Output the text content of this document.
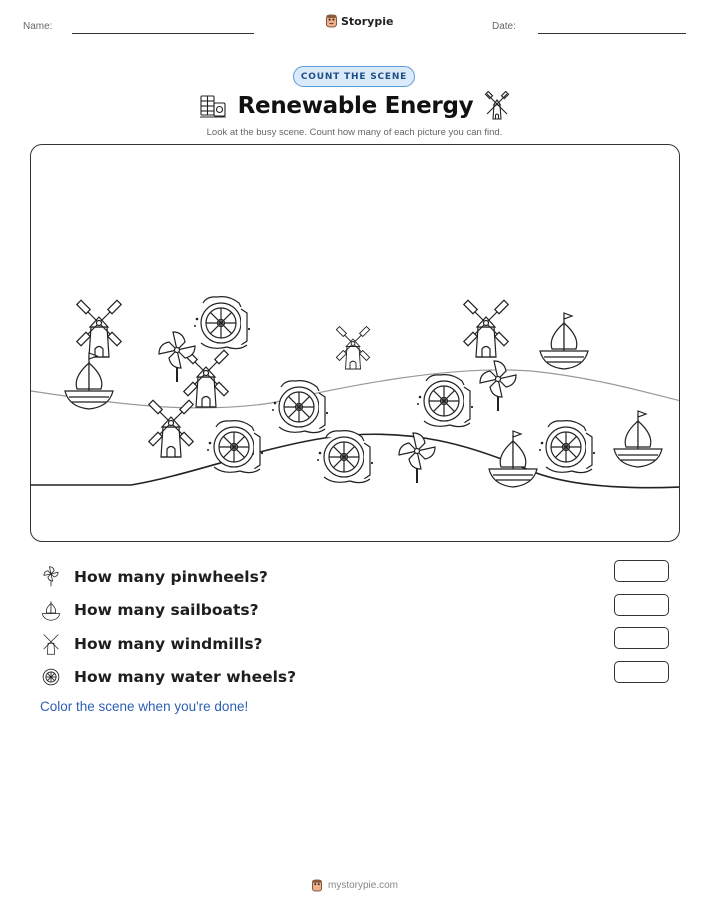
Name:	Storypie	Date:
COUNT THE SCENE
Renewable Energy
Look at the busy scene. Count how many of each picture you can find.
How many pinwheels?
How many sailboats?
How many windmills?
How many water wheels?
Color the scene when you're done!
mystorypie.com
